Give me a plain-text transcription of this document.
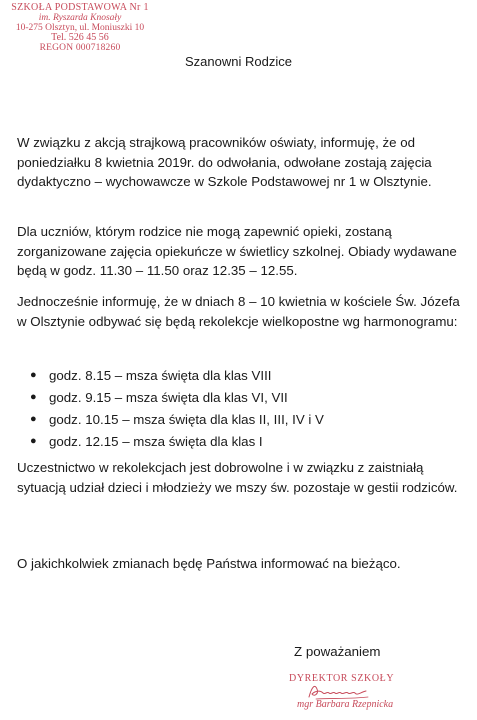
SZKOŁA PODSTAWOWA Nr 1
im. Ryszarda Knosały
10-275 Olsztyn, ul. Moniuszki 10
Tel. 526 45 56
REGON 000718260
Szanowni Rodzice

W związku z akcją strajkową pracowników oświaty, informuję, że od poniedziałku 8 kwietnia 2019r. do odwołania, odwołane zostają zajęcia dydaktyczno – wychowawcze w Szkole Podstawowej nr 1 w Olsztynie.

Dla uczniów, którym rodzice nie mogą zapewnić opieki, zostaną zorganizowane zajęcia opiekuńcze w świetlicy szkolnej. Obiady wydawane będą w godz. 11.30 – 11.50 oraz 12.35 – 12.55.

Jednocześnie informuję, że w dniach 8 – 10 kwietnia w kościele Św. Józefa w Olsztynie odbywać się będą rekolekcje wielkopostne wg harmonogramu:

● godz. 8.15 – msza święta dla klas VIII
● godz. 9.15 – msza święta dla klas VI, VII
● godz. 10.15 – msza święta dla klas II, III, IV i V
● godz. 12.15 – msza święta dla klas I

Uczestnictwo w rekolekcjach jest dobrowolne i w związku z zaistniałą sytuacją udział dzieci i młodzieży we mszy św. pozostaje w gestii rodziców.

O jakichkolwiek zmianach będę Państwa informować na bieżąco.

Z poważaniem
DYREKTOR SZKOŁY
mgr Barbara Rzepnicka
